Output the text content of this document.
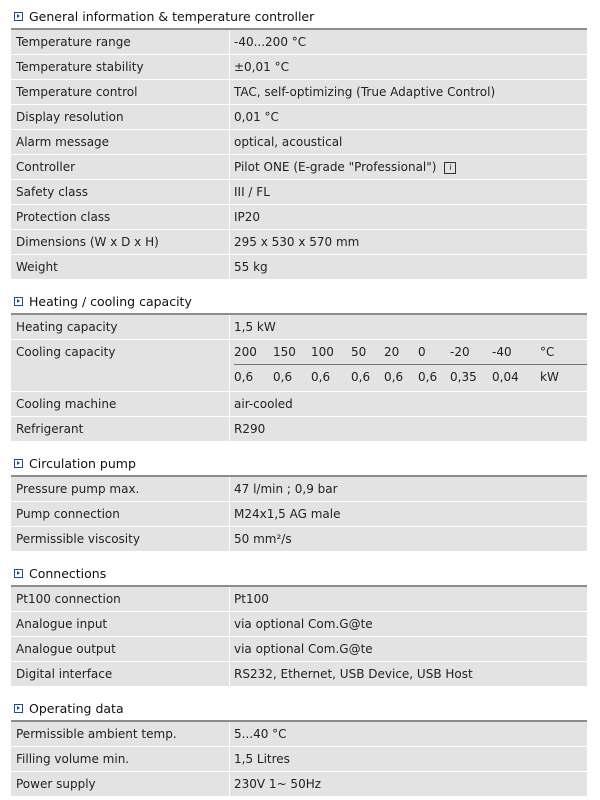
General information & temperature controller
Temperature range	-40...200 °C
Temperature stability	±0,01 °C
Temperature control	TAC, self-optimizing (True Adaptive Control)
Display resolution	0,01 °C
Alarm message	optical, acoustical
Controller	Pilot ONE (E-grade "Professional") i
Safety class	III / FL
Protection class	IP20
Dimensions (W x D x H)	295 x 530 x 570 mm
Weight	55 kg
Heating / cooling capacity
Heating capacity	1,5 kW
Cooling capacity	200	150	100	50	20	0	-20	-40	°C
0,6	0,6	0,6	0,6	0,6	0,6	0,35	0,04	kW
Cooling machine	air-cooled
Refrigerant	R290
Circulation pump
Pressure pump max.	47 l/min ; 0,9 bar
Pump connection	M24x1,5 AG male
Permissible viscosity	50 mm²/s
Connections
Pt100 connection	Pt100
Analogue input	via optional Com.G@te
Analogue output	via optional Com.G@te
Digital interface	RS232, Ethernet, USB Device, USB Host
Operating data
Permissible ambient temp.	5...40 °C
Filling volume min.	1,5 Litres
Power supply	230V 1~ 50Hz
